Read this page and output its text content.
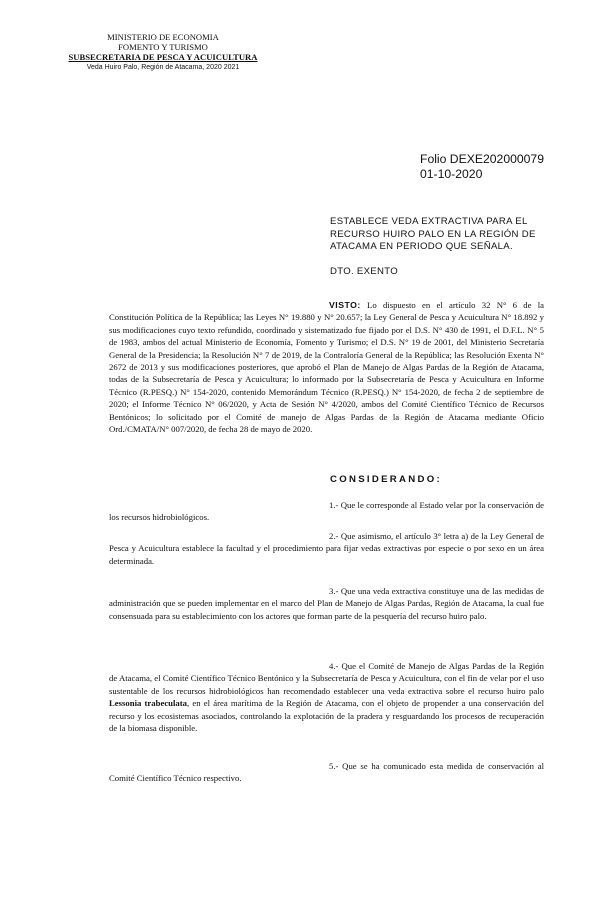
MINISTERIO DE ECONOMIA
FOMENTO Y TURISMO
SUBSECRETARIA DE PESCA Y ACUICULTURA
Veda Huiro Palo, Región de Atacama, 2020 2021
Folio DEXE202000079
01-10-2020
ESTABLECE VEDA EXTRACTIVA PARA EL RECURSO HUIRO PALO EN LA REGIÓN DE ATACAMA EN PERIODO QUE SEÑALA.
DTO. EXENTO
VISTO: Lo dispuesto en el artículo 32 N° 6 de la Constitución Política de la República; las Leyes N° 19.880 y N° 20.657; la Ley General de Pesca y Acuicultura N° 18.892 y sus modificaciones cuyo texto refundido, coordinado y sistematizado fue fijado por el D.S. N° 430 de 1991, el D.F.L. N° 5 de 1983, ambos del actual Ministerio de Economía, Fomento y Turismo; el D.S. N° 19 de 2001, del Ministerio Secretaría General de la Presidencia; la Resolución N° 7 de 2019, de la Contraloría General de la República; las Resolución Exenta N° 2672 de 2013 y sus modificaciones posteriores, que aprobó el Plan de Manejo de Algas Pardas de la Región de Atacama, todas de la Subsecretaría de Pesca y Acuicultura; lo informado por la Subsecretaría de Pesca y Acuicultura en Informe Técnico (R.PESQ.) N° 154-2020, contenido Memorándum Técnico (R.PESQ.) N° 154-2020, de fecha 2 de septiembre de 2020; el Informe Técnico N° 06/2020, y Acta de Sesión N° 4/2020, ambos del Comité Científico Técnico de Recursos Bentónicos; lo solicitado por el Comité de manejo de Algas Pardas de la Región de Atacama mediante Oficio Ord./CMATA/N° 007/2020, de fecha 28 de mayo de 2020.
CONSIDERANDO:
1.- Que le corresponde al Estado velar por la conservación de los recursos hidrobiológicos.
2.- Que asimismo, el artículo 3° letra a) de la Ley General de Pesca y Acuicultura establece la facultad y el procedimiento para fijar vedas extractivas por especie o por sexo en un área determinada.
3.- Que una veda extractiva constituye una de las medidas de administración que se pueden implementar en el marco del Plan de Manejo de Algas Pardas, Región de Atacama, la cual fue consensuada para su establecimiento con los actores que forman parte de la pesquería del recurso huiro palo.
4.- Que el Comité de Manejo de Algas Pardas de la Región de Atacama, el Comité Científico Técnico Bentónico y la Subsecretaría de Pesca y Acuicultura, con el fin de velar por el uso sustentable de los recursos hidrobiológicos han recomendado establecer una veda extractiva sobre el recurso huiro palo Lessonia trabeculata, en el área marítima de la Región de Atacama, con el objeto de propender a una conservación del recurso y los ecosistemas asociados, controlando la explotación de la pradera y resguardando los procesos de recuperación de la biomasa disponible.
5.- Que se ha comunicado esta medida de conservación al Comité Científico Técnico respectivo.
